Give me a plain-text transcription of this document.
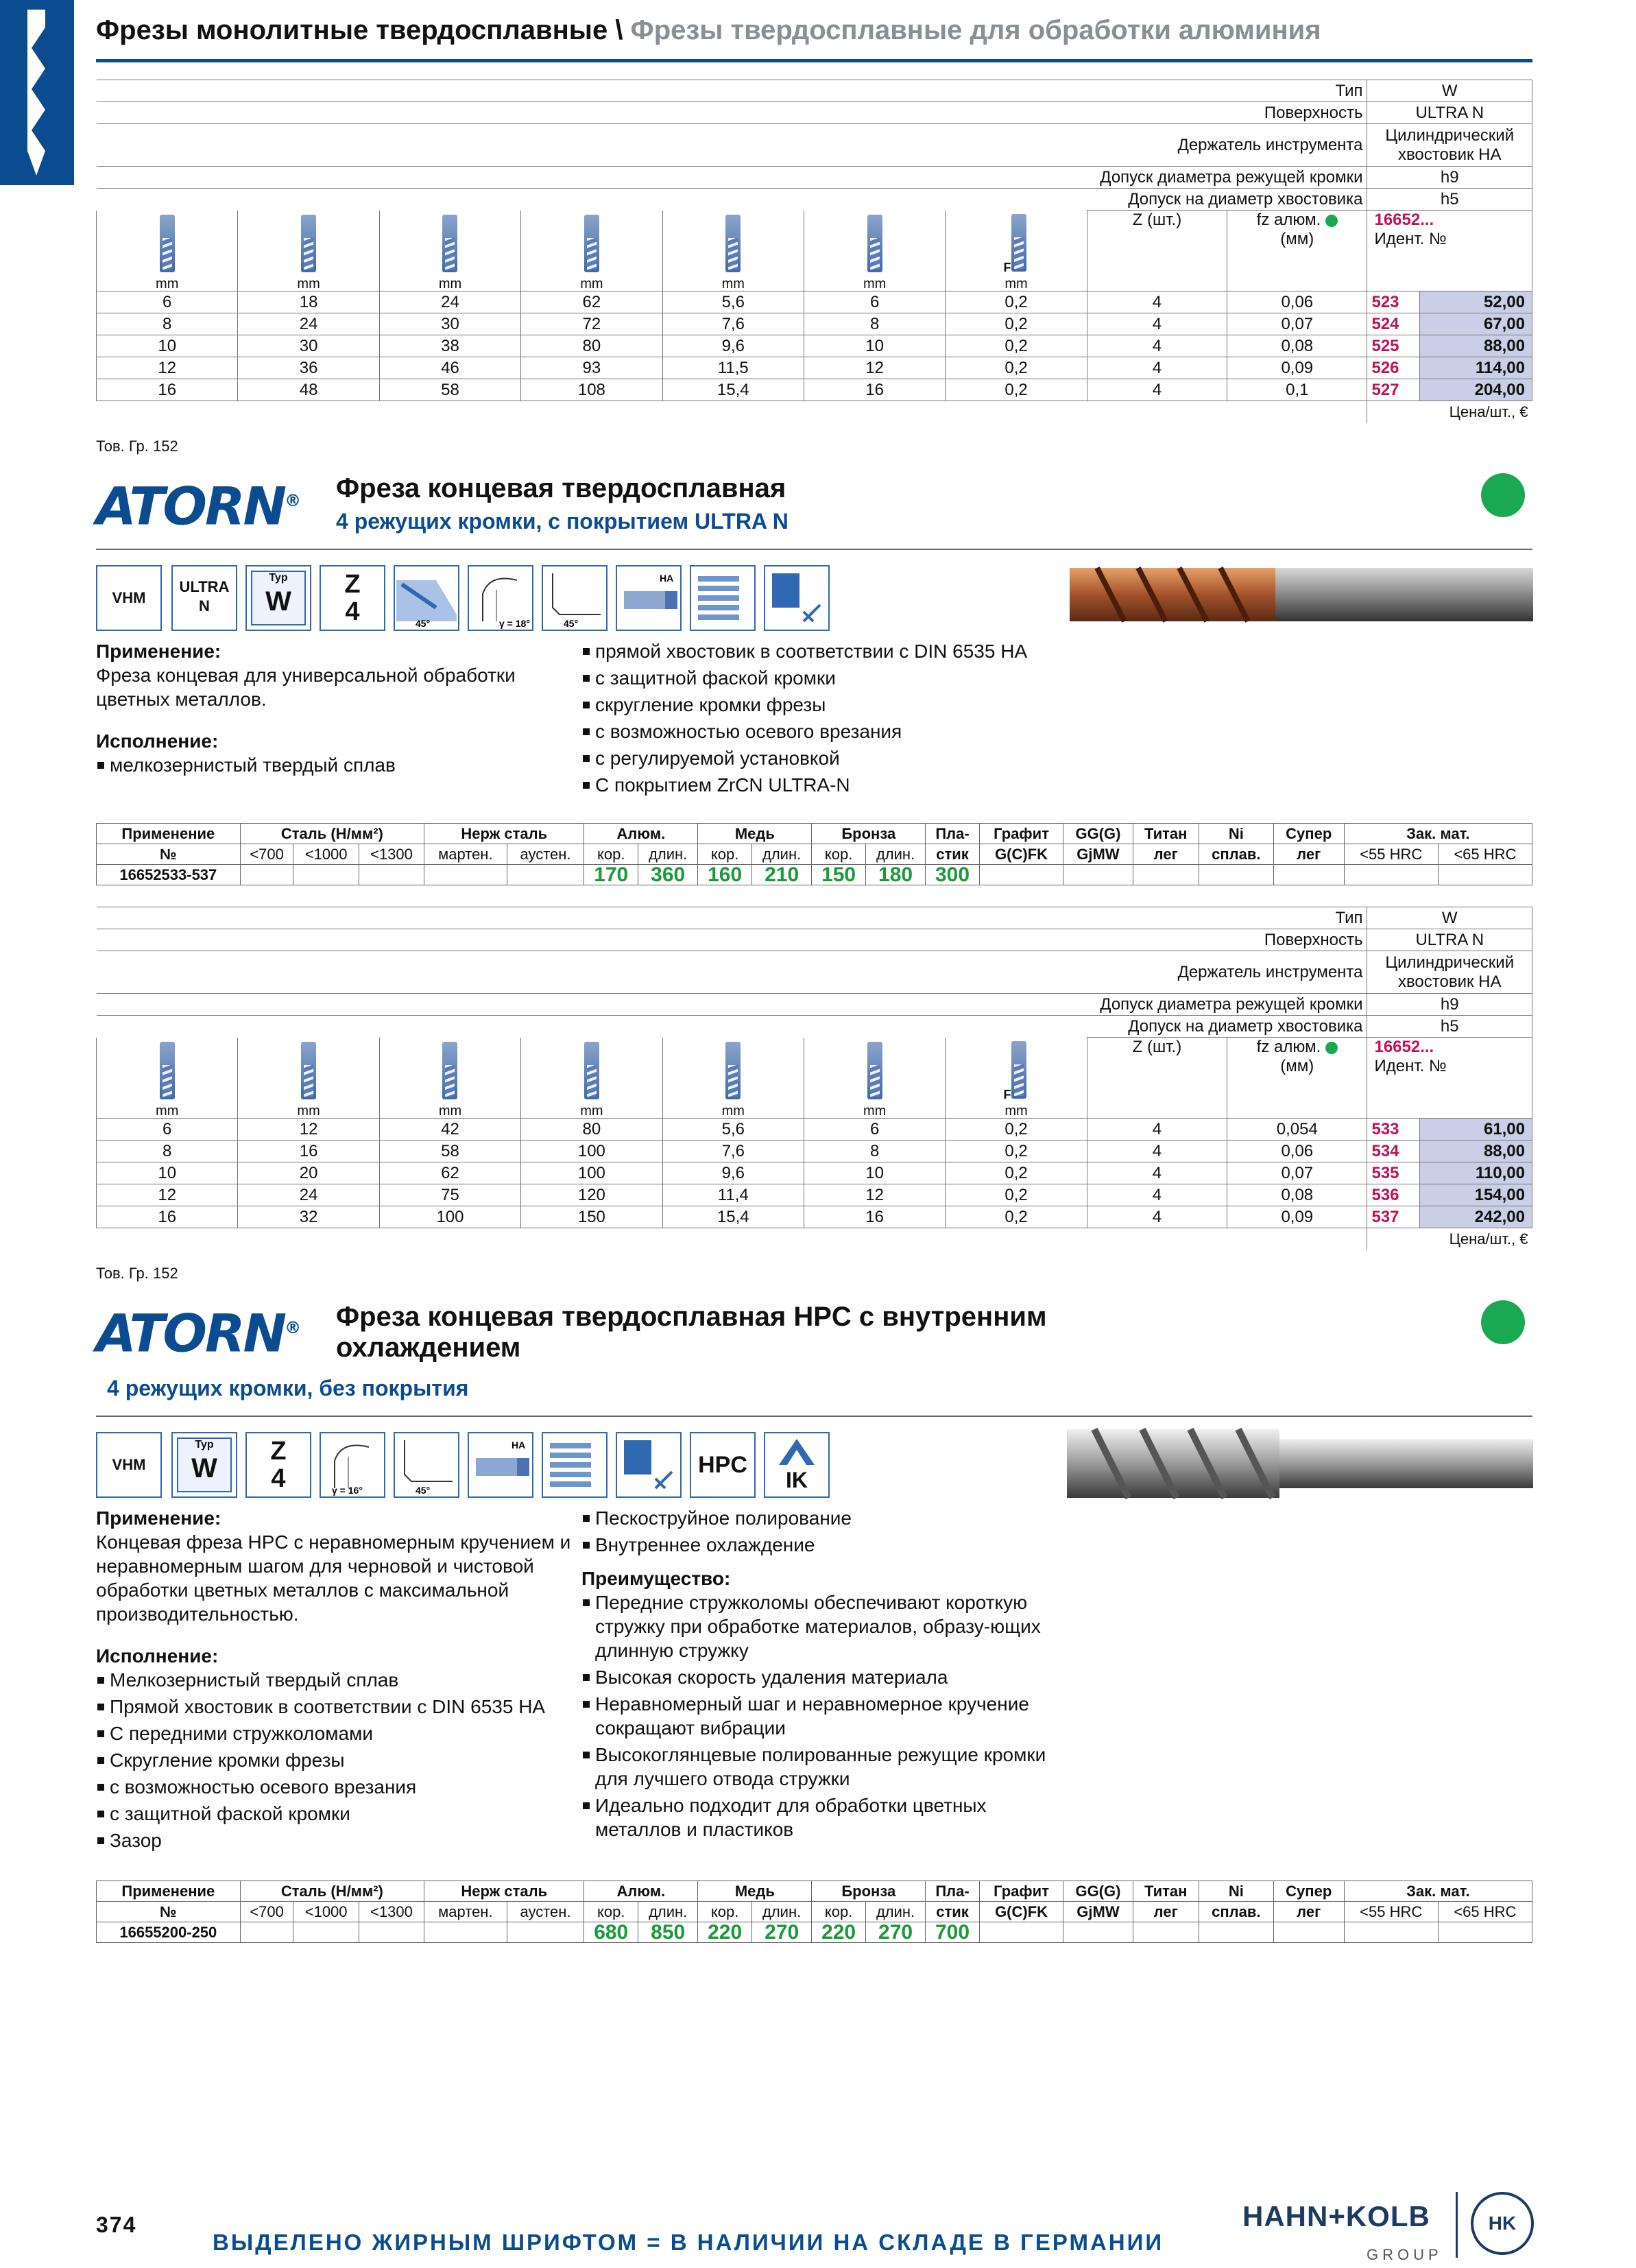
Фрезы монолитные твердосплавные \ Фрезы твердосплавные для обработки алюминия
Тип									W	
Поверхность									ULTRA N	
Держатель инструмента									Цилиндрический хвостовик HA	
Допуск диаметра режущей кромки									h9	
Допуск на диаметр хвостовика									h5	

mm	mm	mm	mm	mm	mm	F
mm	Z (шт.)	fz алюм.
(мм)	16652...
Идент. №	
6	18	24	62	5,6	6	0,2	4	0,06	523	52,00
8	24	30	72	7,6	8	0,2	4	0,07	524	67,00
10	30	38	80	9,6	10	0,2	4	0,08	525	88,00
12	36	46	93	11,5	12	0,2	4	0,09	526	114,00
16	48	58	108	15,4	16	0,2	4	0,1	527	204,00
									Цена/шт., €	
Тов. Гр. 152
ATORN®	Фреза концевая твердосплавная
4 режущих кромки, с покрытием ULTRA N
VHM
ULTRA
N
Typ
W
Z
4	45°	γ = 18°	45°
HA
Применение:

Фреза концевая для универсальной обработки цветных металлов.

Исполнение:
мелкозернистый твердый сплав
прямой хвостовик в соответствии с DIN 6535 HA
с защитной фаской кромки
скругление кромки фрезы
с возможностью осевого врезания
с регулируемой установкой
С покрытием ZrCN ULTRA-N
Применение	Сталь (Н/мм²)			Нерж сталь		Алюм.		Медь		Бронза		Пла-	Графит	GG(G)	Титан	Ni	Супер	Зак. мат.	
№	<700	<1000	<1300	мартен.	аустен.	кор.	длин.	кор.	длин.	кор.	длин.	стик	G(C)FK	GjMW	лег	сплав.	лег	<55 HRC	<65 HRC
16652533-537						170	360	160	210	150	180	300							
Тип									W	
Поверхность									ULTRA N	
Держатель инструмента									Цилиндрический хвостовик HA	
Допуск диаметра режущей кромки									h9	
Допуск на диаметр хвостовика									h5	

mm	mm	mm	mm	mm	mm	F
mm	Z (шт.)	fz алюм.
(мм)	16652...
Идент. №	
6	12	42	80	5,6	6	0,2	4	0,054	533	61,00
8	16	58	100	7,6	8	0,2	4	0,06	534	88,00
10	20	62	100	9,6	10	0,2	4	0,07	535	110,00
12	24	75	120	11,4	12	0,2	4	0,08	536	154,00
16	32	100	150	15,4	16	0,2	4	0,09	537	242,00
									Цена/шт., €	
Тов. Гр. 152
ATORN®	Фреза концевая твердосплавная HPC с внутренним
охлаждением
4 режущих кромки, без покрытия
VHM
Typ
W
Z
4	γ = 16°	45°
HA
HPC
IK
Применение:

Концевая фреза HPC с неравномерным кручением и неравномерным шагом для черновой и чистовой обработки цветных металлов с максимальной производительностью.

Исполнение:
Мелкозернистый твердый сплав
Прямой хвостовик в соответствии с DIN 6535 HA
С передними стружколомами
Скругление кромки фрезы
с возможностью осевого врезания
с защитной фаской кромки
Зазор
Пескоструйное полирование
Внутреннее охлаждение
Преимущество:
Передние стружколомы обеспечивают короткую стружку при обработке материалов, образу-ющих длинную стружку
Высокая скорость удаления материала
Неравномерный шаг и неравномерное кручение сокращают вибрации
Высокоглянцевые полированные режущие кромки для лучшего отвода стружки
Идеально подходит для обработки цветных металлов и пластиков
Применение	Сталь (Н/мм²)			Нерж сталь		Алюм.		Медь		Бронза		Пла-	Графит	GG(G)	Титан	Ni	Супер	Зак. мат.	
№	<700	<1000	<1300	мартен.	аустен.	кор.	длин.	кор.	длин.	кор.	длин.	стик	G(C)FK	GjMW	лег	сплав.	лег	<55 HRC	<65 HRC
16655200-250						680	850	220	270	220	270	700							
374
ВЫДЕЛЕНО ЖИРНЫМ ШРИФТОМ = В НАЛИЧИИ НА СКЛАДЕ В ГЕРМАНИИ
HAHN+KOLB
GROUP
HK
